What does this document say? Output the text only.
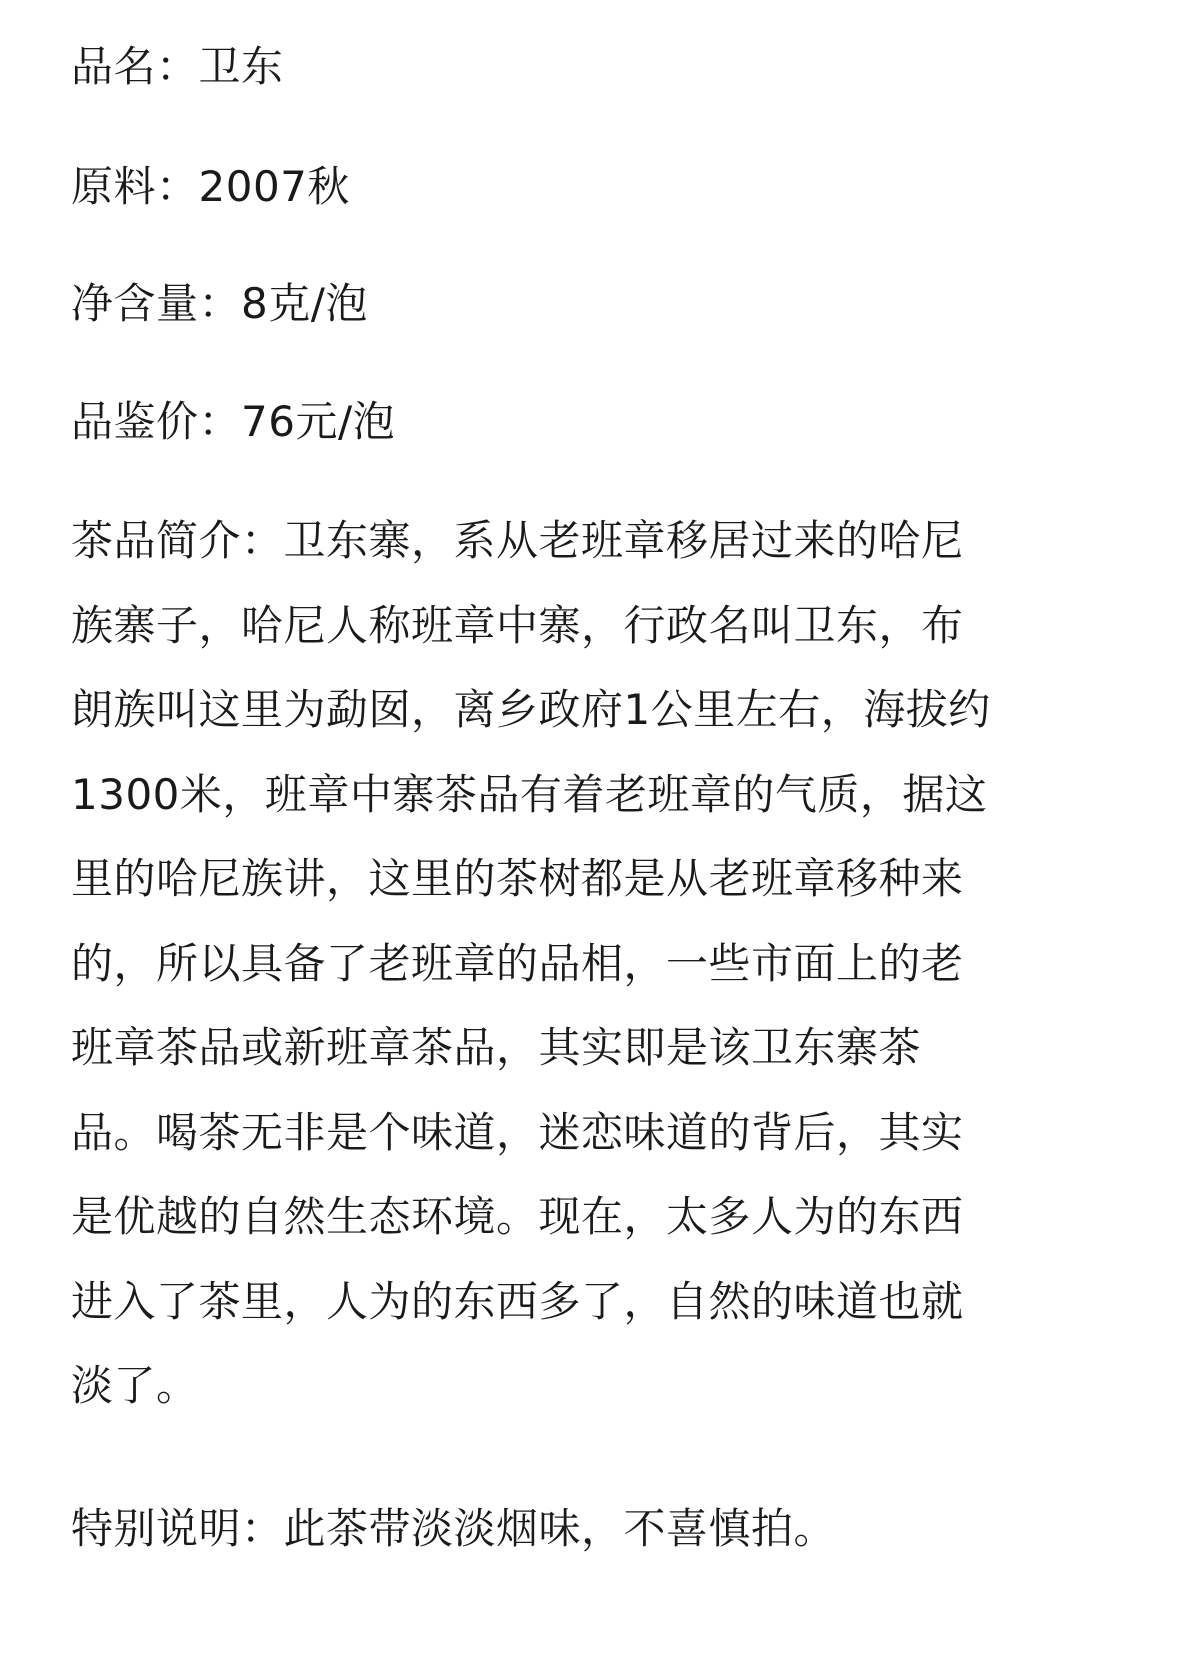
品名：卫东

原料：2007秋

净含量：8克/泡

品鉴价：76元/泡

茶品简介：卫东寨，系从老班章移居过来的哈尼
族寨子，哈尼人称班章中寨，行政名叫卫东，布
朗族叫这里为勐囡，离乡政府1公里左右，海拔约
1300米，班章中寨茶品有着老班章的气质，据这
里的哈尼族讲，这里的茶树都是从老班章移种来
的，所以具备了老班章的品相，一些市面上的老
班章茶品或新班章茶品，其实即是该卫东寨茶
品。喝茶无非是个味道，迷恋味道的背后，其实
是优越的自然生态环境。现在，太多人为的东西
进入了茶里，人为的东西多了，自然的味道也就
淡了。

特别说明：此茶带淡淡烟味，不喜慎拍。
